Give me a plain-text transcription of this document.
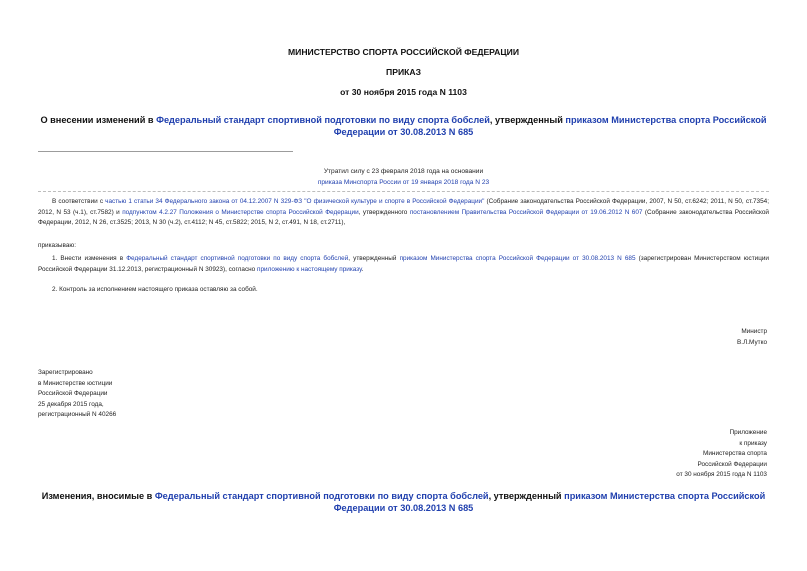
МИНИСТЕРСТВО СПОРТА РОССИЙСКОЙ ФЕДЕРАЦИИ
ПРИКАЗ
от 30 ноября 2015 года N 1103
О внесении изменений в Федеральный стандарт спортивной подготовки по виду спорта бобслей, утвержденный приказом Министерства спорта Российской Федерации от 30.08.2013 N 685
Утратил силу с 23 февраля 2018 года на основании
приказа Минспорта России от 19 января 2018 года N 23
В соответствии с частью 1 статьи 34 Федерального закона от 04.12.2007 N 329-ФЗ "О физической культуре и спорте в Российской Федерации" (Собрание законодательства Российской Федерации, 2007, N 50, ст.6242; 2011, N 50, ст.7354; 2012, N 53 (ч.1), ст.7582) и подпунктом 4.2.27 Положения о Министерстве спорта Российской Федерации, утвержденного постановлением Правительства Российской Федерации от 19.06.2012 N 607 (Собрание законодательства Российской Федерации, 2012, N 26, ст.3525; 2013, N 30 (ч.2), ст.4112; N 45, ст.5822; 2015, N 2, ст.491, N 18, ст.2711),
приказываю:
1. Внести изменения в Федеральный стандарт спортивной подготовки по виду спорта бобслей, утвержденный приказом Министерства спорта Российской Федерации от 30.08.2013 N 685 (зарегистрирован Министерством юстиции Российской Федерации 31.12.2013, регистрационный N 30923), согласно приложению к настоящему приказу.
2. Контроль за исполнением настоящего приказа оставляю за собой.
Министр
В.Л.Мутко
Зарегистрировано
в Министерстве юстиции
Российской Федерации
25 декабря 2015 года,
регистрационный N 40266
Приложение
к приказу
Министерства спорта
Российской Федерации
от 30 ноября 2015 года N 1103
Изменения, вносимые в Федеральный стандарт спортивной подготовки по виду спорта бобслей, утвержденный приказом Министерства спорта Российской Федерации от 30.08.2013 N 685
